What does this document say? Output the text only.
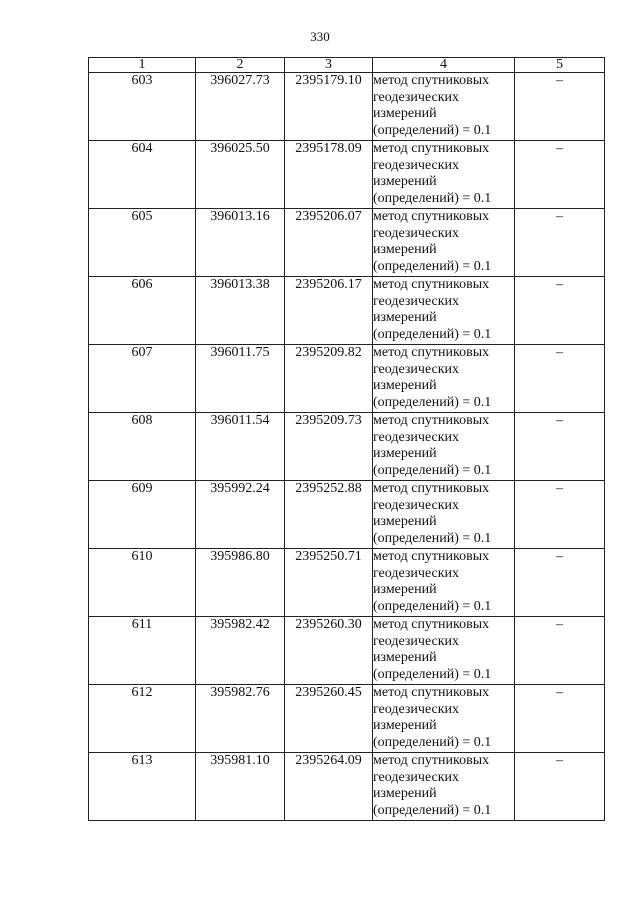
330
1	2	3	4	5
603	396027.73	2395179.10	метод спутниковых геодезических измерений (определений) = 0.1	–
604	396025.50	2395178.09	метод спутниковых геодезических измерений (определений) = 0.1	–
605	396013.16	2395206.07	метод спутниковых геодезических измерений (определений) = 0.1	–
606	396013.38	2395206.17	метод спутниковых геодезических измерений (определений) = 0.1	–
607	396011.75	2395209.82	метод спутниковых геодезических измерений (определений) = 0.1	–
608	396011.54	2395209.73	метод спутниковых геодезических измерений (определений) = 0.1	–
609	395992.24	2395252.88	метод спутниковых геодезических измерений (определений) = 0.1	–
610	395986.80	2395250.71	метод спутниковых геодезических измерений (определений) = 0.1	–
611	395982.42	2395260.30	метод спутниковых геодезических измерений (определений) = 0.1	–
612	395982.76	2395260.45	метод спутниковых геодезических измерений (определений) = 0.1	–
613	395981.10	2395264.09	метод спутниковых геодезических измерений (определений) = 0.1	–
